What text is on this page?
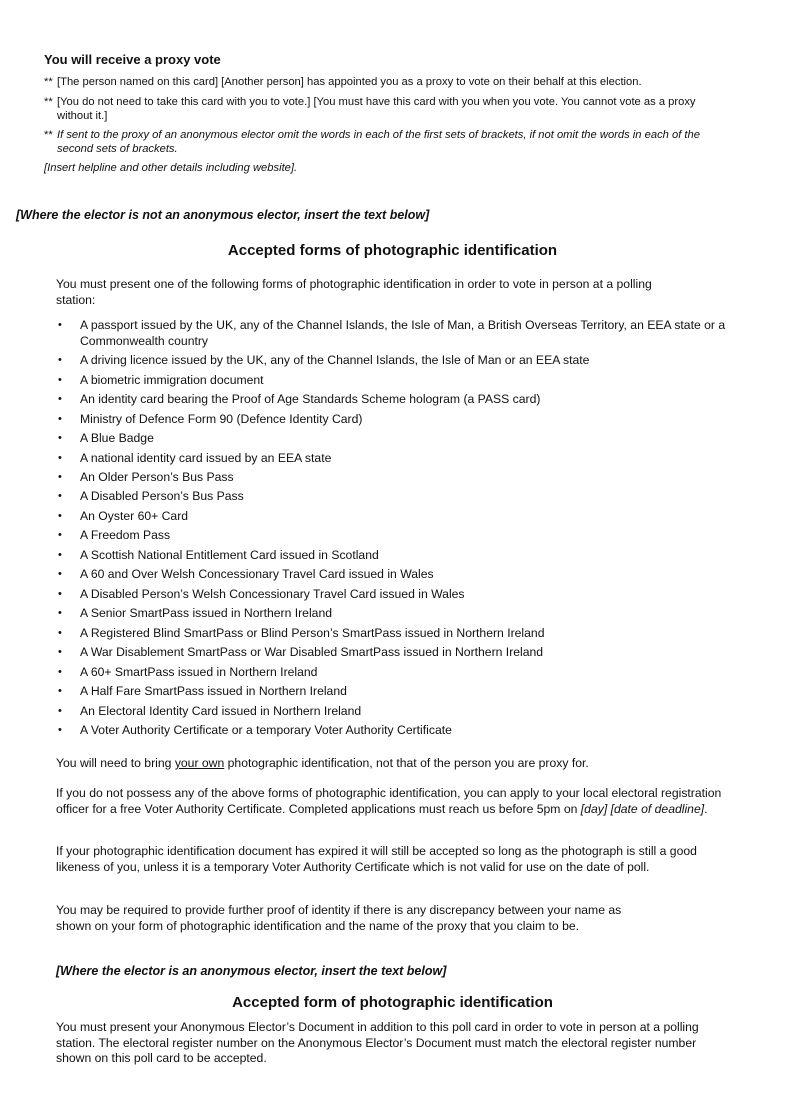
You will receive a proxy vote
** [The person named on this card] [Another person] has appointed you as a proxy to vote on their behalf at this election.
** [You do not need to take this card with you to vote.] [You must have this card with you when you vote. You cannot vote as a proxy without it.]
** If sent to the proxy of an anonymous elector omit the words in each of the first sets of brackets, if not omit the words in each of the second sets of brackets.
[Insert helpline and other details including website].
[Where the elector is not an anonymous elector, insert the text below]
Accepted forms of photographic identification
You must present one of the following forms of photographic identification in order to vote in person at a polling station:
• A passport issued by the UK, any of the Channel Islands, the Isle of Man, a British Overseas Territory, an EEA state or a Commonwealth country
• A driving licence issued by the UK, any of the Channel Islands, the Isle of Man or an EEA state
• A biometric immigration document
• An identity card bearing the Proof of Age Standards Scheme hologram (a PASS card)
• Ministry of Defence Form 90 (Defence Identity Card)
• A Blue Badge
• A national identity card issued by an EEA state
• An Older Person’s Bus Pass
• A Disabled Person’s Bus Pass
• An Oyster 60+ Card
• A Freedom Pass
• A Scottish National Entitlement Card issued in Scotland
• A 60 and Over Welsh Concessionary Travel Card issued in Wales
• A Disabled Person’s Welsh Concessionary Travel Card issued in Wales
• A Senior SmartPass issued in Northern Ireland
• A Registered Blind SmartPass or Blind Person’s SmartPass issued in Northern Ireland
• A War Disablement SmartPass or War Disabled SmartPass issued in Northern Ireland
• A 60+ SmartPass issued in Northern Ireland
• A Half Fare SmartPass issued in Northern Ireland
• An Electoral Identity Card issued in Northern Ireland
• A Voter Authority Certificate or a temporary Voter Authority Certificate
You will need to bring your own photographic identification, not that of the person you are proxy for.
If you do not possess any of the above forms of photographic identification, you can apply to your local electoral registration officer for a free Voter Authority Certificate. Completed applications must reach us before 5pm on [day] [date of deadline].
If your photographic identification document has expired it will still be accepted so long as the photograph is still a good likeness of you, unless it is a temporary Voter Authority Certificate which is not valid for use on the date of poll.
You may be required to provide further proof of identity if there is any discrepancy between your name as shown on your form of photographic identification and the name of the proxy that you claim to be.
[Where the elector is an anonymous elector, insert the text below]
Accepted form of photographic identification
You must present your Anonymous Elector’s Document in addition to this poll card in order to vote in person at a polling station. The electoral register number on the Anonymous Elector’s Document must match the electoral register number shown on this poll card to be accepted.
